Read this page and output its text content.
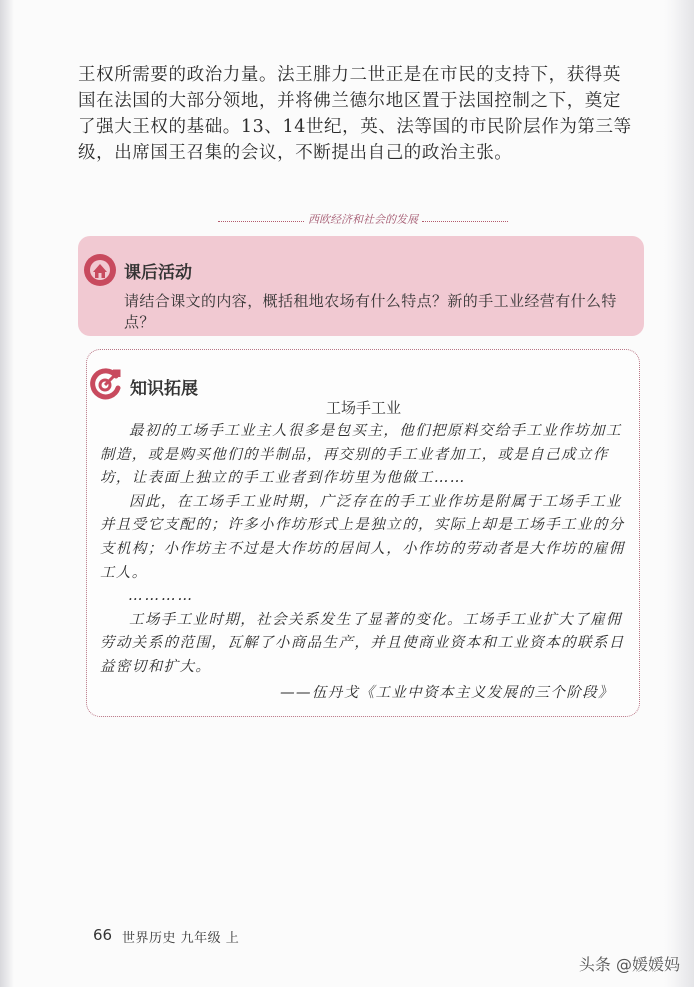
王权所需要的政治力量。法王腓力二世正是在市民的支持下，获得英国在法国的大部分领地，并将佛兰德尔地区置于法国控制之下，奠定了强大王权的基础。13、14世纪，英、法等国的市民阶层作为第三等级，出席国王召集的会议，不断提出自己的政治主张。

西欧经济和社会的发展
课后活动
请结合课文的内容，概括租地农场有什么特点？新的手工业经营有什么特点？
知识拓展
工场手工业

最初的工场手工业主人很多是包买主，他们把原料交给手工业作坊加工制造，或是购买他们的半制品，再交别的手工业者加工，或是自己成立作坊，让表面上独立的手工业者到作坊里为他做工……

因此，在工场手工业时期，广泛存在的手工业作坊是附属于工场手工业并且受它支配的；许多小作坊形式上是独立的，实际上却是工场手工业的分支机构；小作坊主不过是大作坊的居间人，小作坊的劳动者是大作坊的雇佣工人。

…………

工场手工业时期，社会关系发生了显著的变化。工场手工业扩大了雇佣劳动关系的范围，瓦解了小商品生产，并且使商业资本和工业资本的联系日益密切和扩大。

——伍丹戈《工业中资本主义发展的三个阶段》

66 世界历史 九年级 上
头条 @媛媛妈
